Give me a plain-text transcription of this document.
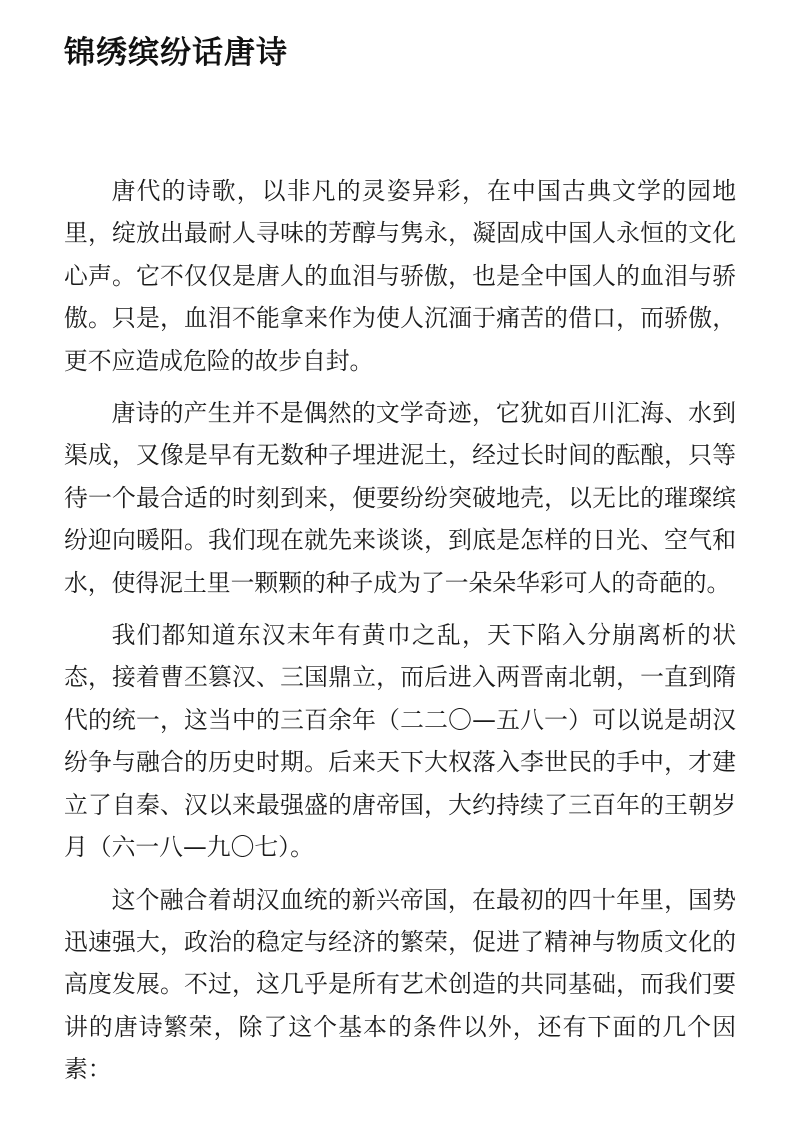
锦绣缤纷话唐诗

唐代的诗歌，以非凡的灵姿异彩，在中国古典文学的园地里，绽放出最耐人寻味的芳醇与隽永，凝固成中国人永恒的文化心声。它不仅仅是唐人的血泪与骄傲，也是全中国人的血泪与骄傲。只是，血泪不能拿来作为使人沉湎于痛苦的借口，而骄傲，更不应造成危险的故步自封。

唐诗的产生并不是偶然的文学奇迹，它犹如百川汇海、水到渠成，又像是早有无数种子埋进泥土，经过长时间的酝酿，只等待一个最合适的时刻到来，便要纷纷突破地壳，以无比的璀璨缤纷迎向暖阳。我们现在就先来谈谈，到底是怎样的日光、空气和水，使得泥土里一颗颗的种子成为了一朵朵华彩可人的奇葩的。

我们都知道东汉末年有黄巾之乱，天下陷入分崩离析的状态，接着曹丕篡汉、三国鼎立，而后进入两晋南北朝，一直到隋代的统一，这当中的三百余年（二二〇—五八一）可以说是胡汉纷争与融合的历史时期。后来天下大权落入李世民的手中，才建立了自秦、汉以来最强盛的唐帝国，大约持续了三百年的王朝岁月（六一八—九〇七）。

这个融合着胡汉血统的新兴帝国，在最初的四十年里，国势迅速强大，政治的稳定与经济的繁荣，促进了精神与物质文化的高度发展。不过，这几乎是所有艺术创造的共同基础，而我们要讲的唐诗繁荣，除了这个基本的条件以外，还有下面的几个因素：
